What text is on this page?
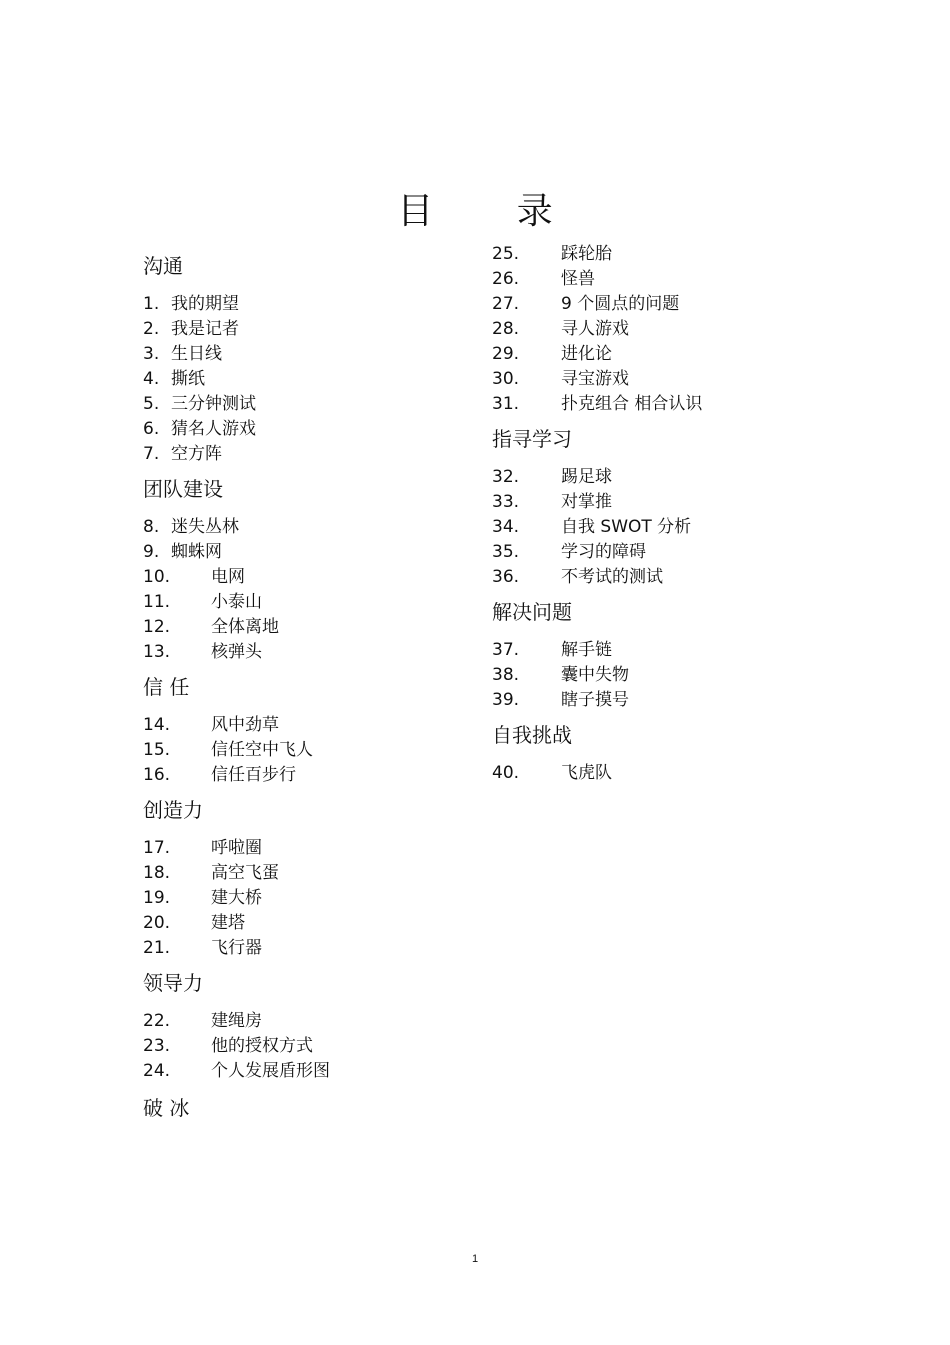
目 录
沟通
1. 我的期望
2. 我是记者
3. 生日线
4. 撕纸
5. 三分钟测试
6. 猜名人游戏
7. 空方阵
团队建设
8. 迷失丛林
9. 蜘蛛网
10. 电网
11. 小泰山
12. 全体离地
13. 核弹头
信 任
14. 风中劲草
15. 信任空中飞人
16. 信任百步行
创造力
17. 呼啦圈
18. 高空飞蛋
19. 建大桥
20. 建塔
21. 飞行器
领导力
22. 建绳房
23. 他的授权方式
24. 个人发展盾形图
破 冰
25. 踩轮胎
26. 怪兽
27. 9 个圆点的问题
28. 寻人游戏
29. 进化论
30. 寻宝游戏
31. 扑克组合 相合认识
指寻学习
32. 踢足球
33. 对掌推
34. 自我 SWOT 分析
35. 学习的障碍
36. 不考试的测试
解决问题
37. 解手链
38. 囊中失物
39. 瞎子摸号
自我挑战
40. 飞虎队
1
